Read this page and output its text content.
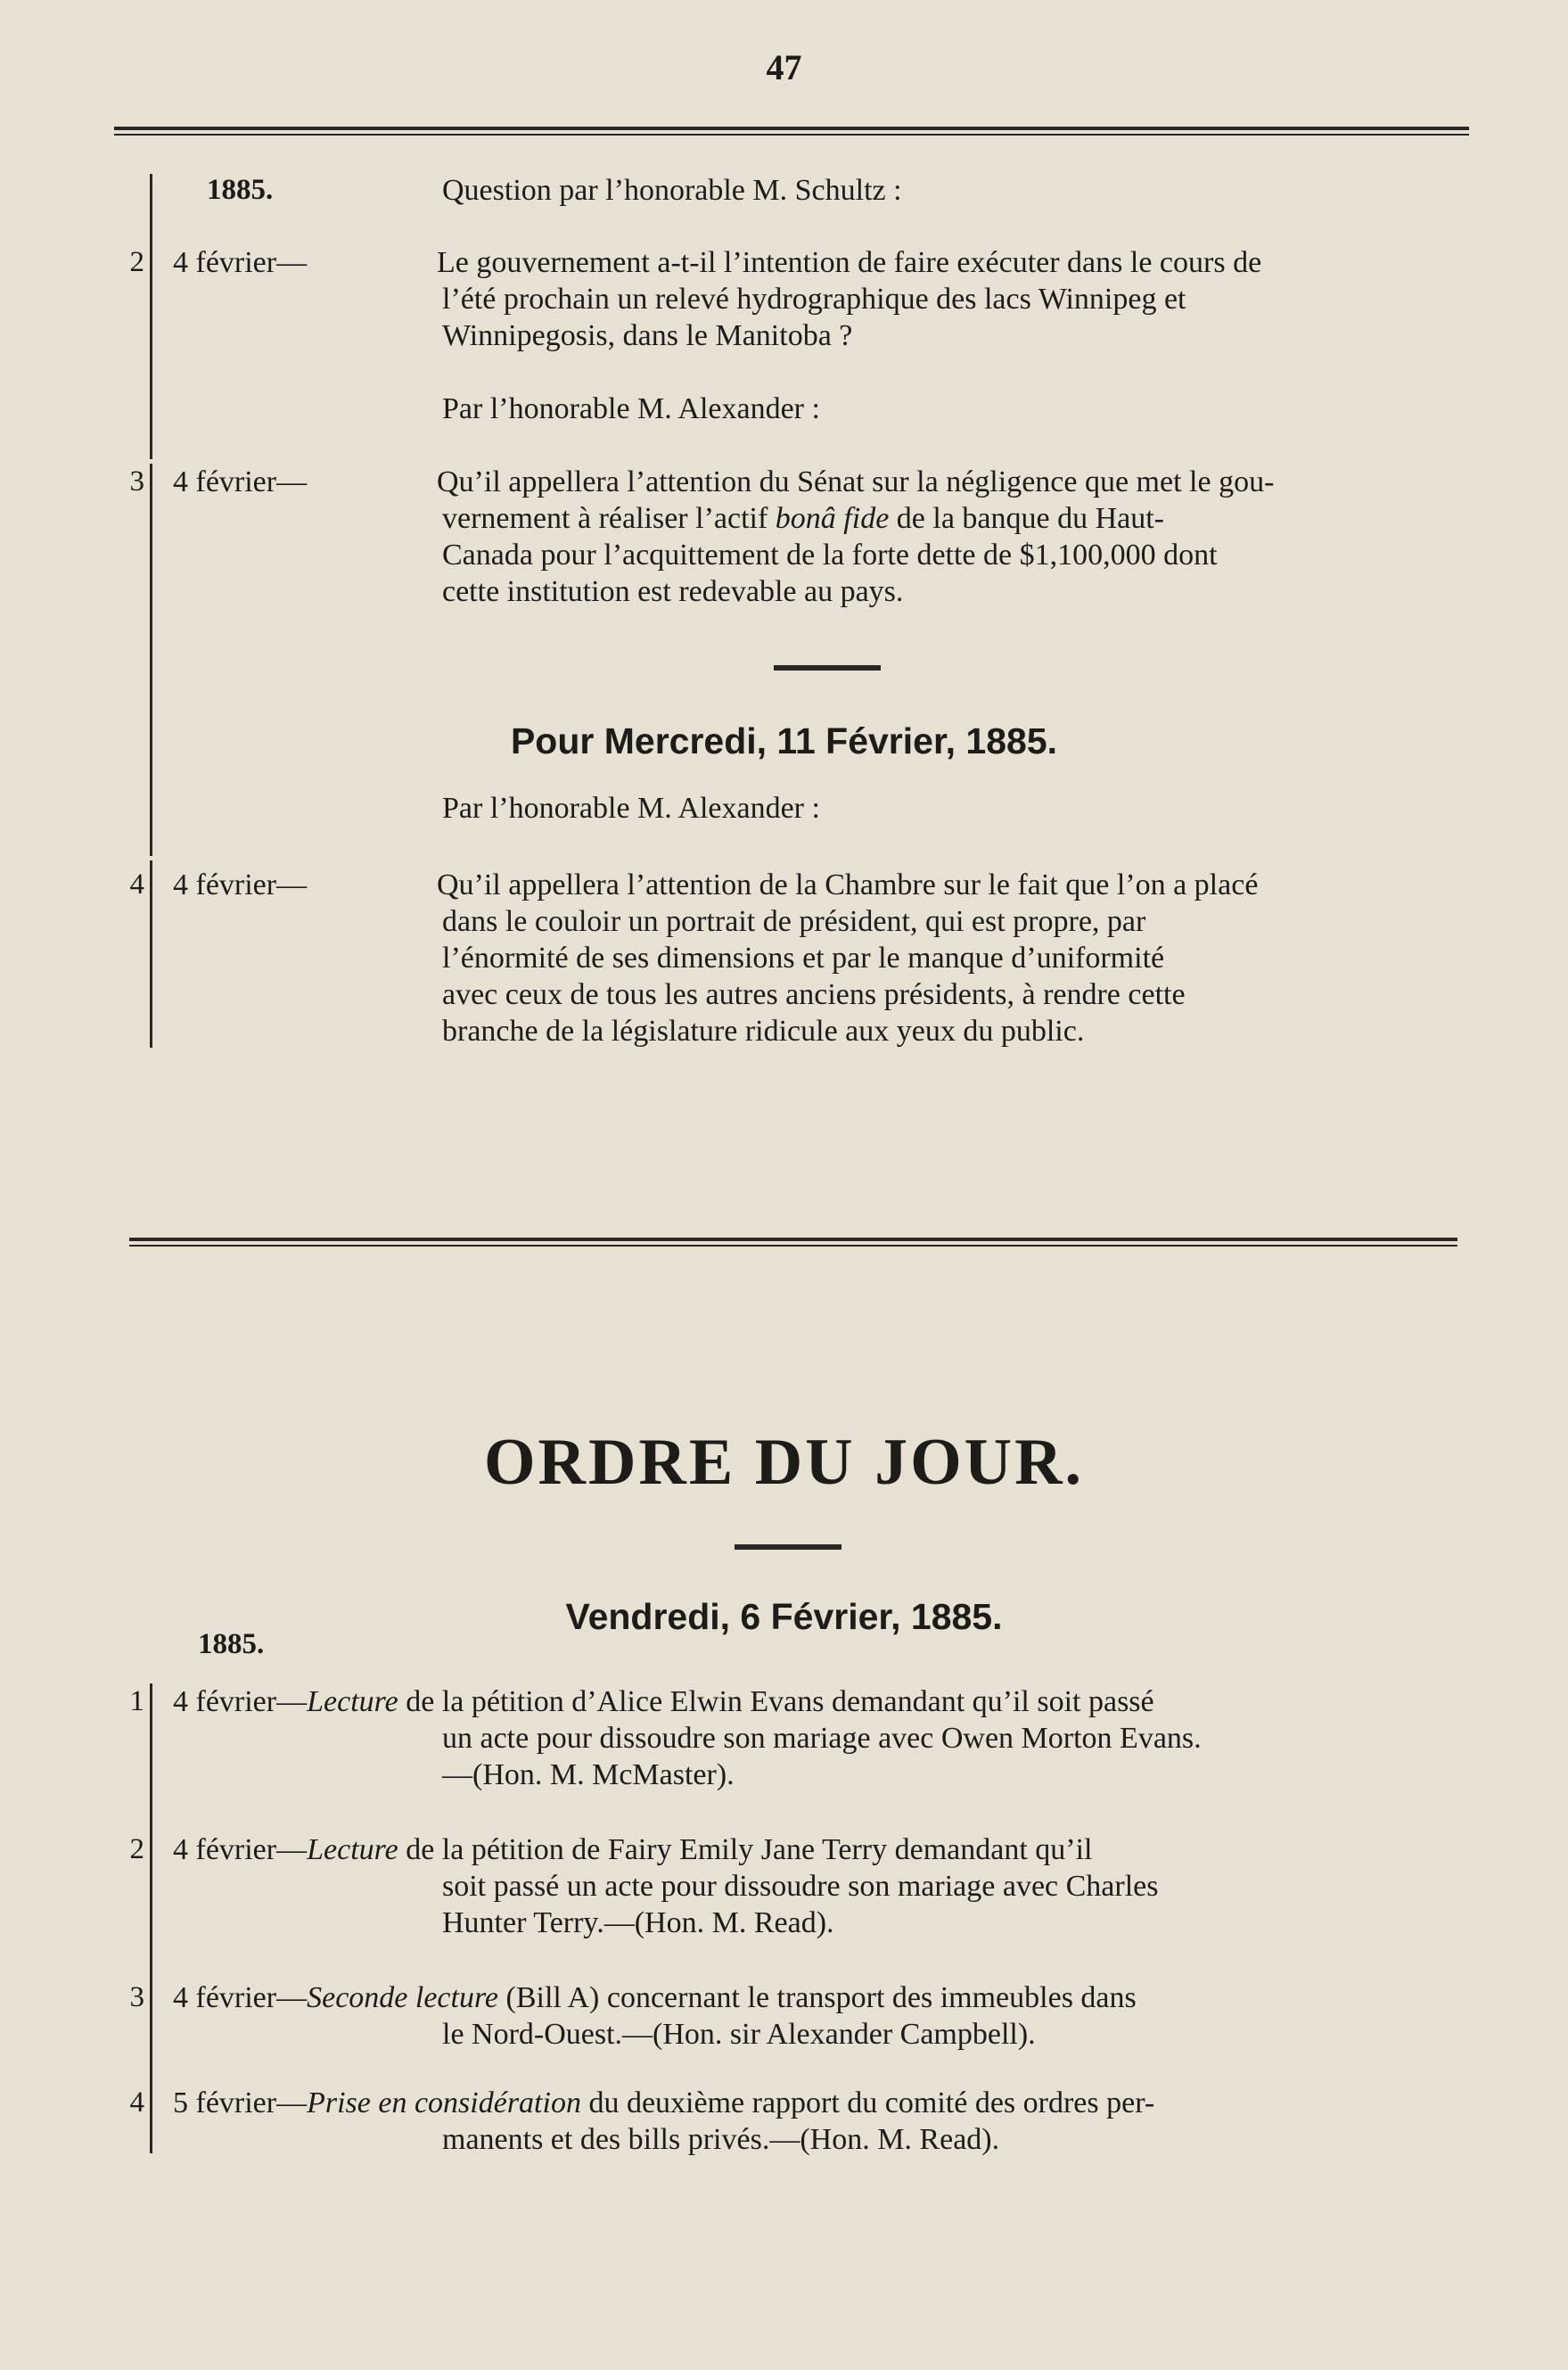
47
1885.	Question par l’honorable M. Schultz :
2 4 février—	Le gouvernement a-t-il l’intention de faire exécuter dans le cours de
l’été prochain un relevé hydrographique des lacs Winnipeg et
Winnipegosis, dans le Manitoba ?
Par l’honorable M. Alexander :
3 4 février—	Qu’il appellera l’attention du Sénat sur la négligence que met le gou-
vernement à réaliser l’actif bonâ fide de la banque du Haut-
Canada pour l’acquittement de la forte dette de $1,100,000 dont
cette institution est redevable au pays.
Pour Mercredi, 11 Février, 1885.
Par l’honorable M. Alexander :
4 4 février—	Qu’il appellera l’attention de la Chambre sur le fait que l’on a placé
dans le couloir un portrait de président, qui est propre, par
l’énormité de ses dimensions et par le manque d’uniformité
avec ceux de tous les autres anciens présidents, à rendre cette
branche de la législature ridicule aux yeux du public.
ORDRE DU JOUR.
Vendredi, 6 Février, 1885.
1885.
1 4 février—Lecture de la pétition d’Alice Elwin Evans demandant qu’il soit passé
un acte pour dissoudre son mariage avec Owen Morton Evans.
—(Hon. M. McMaster).
2 4 février—Lecture de la pétition de Fairy Emily Jane Terry demandant qu’il
soit passé un acte pour dissoudre son mariage avec Charles
Hunter Terry.—(Hon. M. Read).
3 4 février—Seconde lecture (Bill A) concernant le transport des immeubles dans
le Nord-Ouest.—(Hon. sir Alexander Campbell).
4 5 février—Prise en considération du deuxième rapport du comité des ordres per-
manents et des bills privés.—(Hon. M. Read).
